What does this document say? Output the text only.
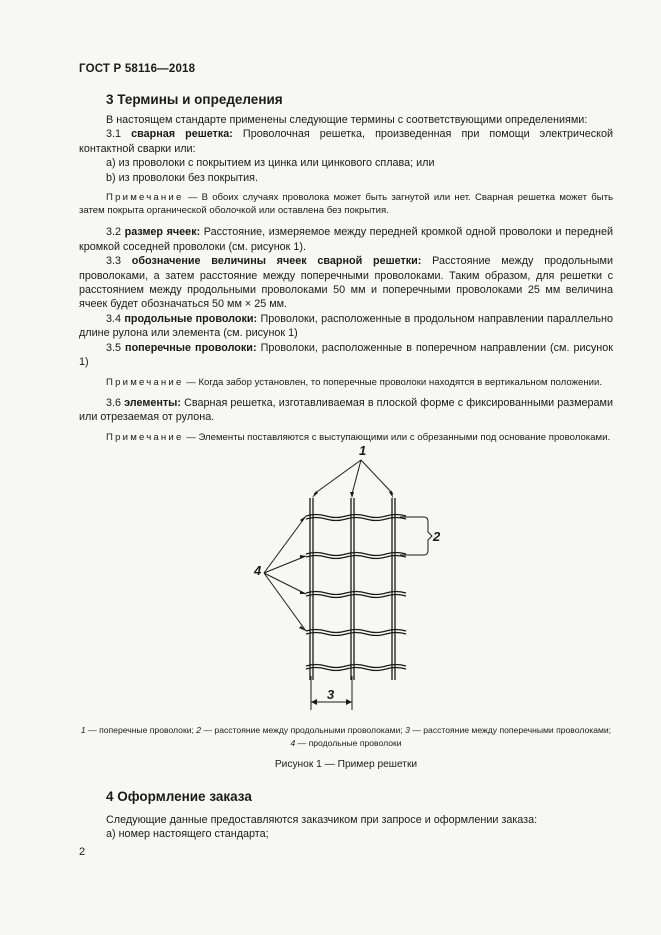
ГОСТ Р 58116—2018
3 Термины и определения

В настоящем стандарте применены следующие термины с соответствующими определениями:

3.1 сварная решетка: Проволочная решетка, произведенная при помощи электрической контактной сварки или:

a) из проволоки с покрытием из цинка или цинкового сплава; или

b) из проволоки без покрытия.

Примечание — В обоих случаях проволока может быть загнутой или нет. Сварная решетка может быть затем покрыта органической оболочкой или оставлена без покрытия.

3.2 размер ячеек: Расстояние, измеряемое между передней кромкой одной проволоки и передней кромкой соседней проволоки (см. рисунок 1).

3.3 обозначение величины ячеек сварной решетки: Расстояние между продольными проволоками, а затем расстояние между поперечными проволоками. Таким образом, для решетки с расстоянием между продольными проволоками 50 мм и поперечными проволоками 25 мм величина ячеек будет обозначаться 50 мм × 25 мм.

3.4 продольные проволоки: Проволоки, расположенные в продольном направлении параллельно длине рулона или элемента (см. рисунок 1)

3.5 поперечные проволоки: Проволоки, расположенные в поперечном направлении (см. рисунок 1)

Примечание — Когда забор установлен, то поперечные проволоки находятся в вертикальном положении.

3.6 элементы: Сварная решетка, изготавливаемая в плоской форме с фиксированными размерами или отрезаемая от рулона.

Примечание — Элементы поставляются с выступающими или с обрезанными под основание проволоками.

1
2
3
4
1 — поперечные проволоки; 2 — расстояние между продольными проволоками; 3 — расстояние между поперечными проволоками; 4 — продольные проволоки
Рисунок 1 — Пример решетки
4 Оформление заказа

Следующие данные предоставляются заказчиком при запросе и оформлении заказа:

a) номер настоящего стандарта;

2
